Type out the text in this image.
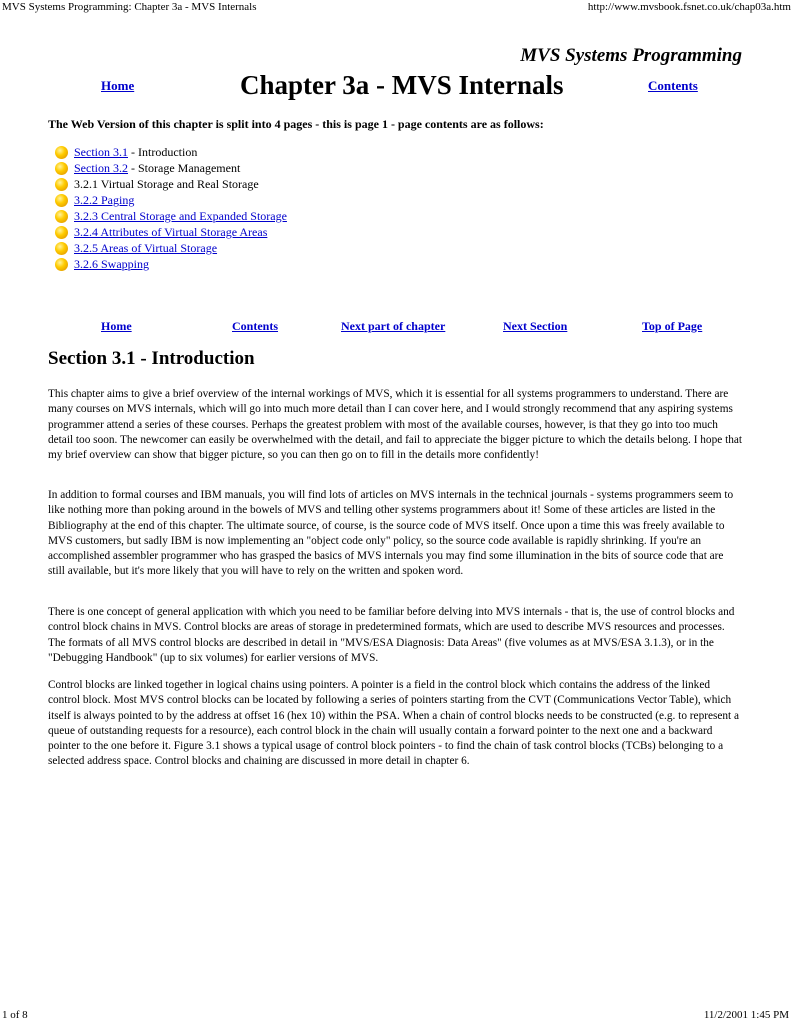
MVS Systems Programming: Chapter 3a - MVS Internals	http://www.mvsbook.fsnet.co.uk/chap03a.htm
MVS Systems Programming
Home	Chapter 3a - MVS Internals	Contents
The Web Version of this chapter is split into 4 pages - this is page 1 - page contents are as follows:
Section 3.1 - Introduction
Section 3.2 - Storage Management
3.2.1 Virtual Storage and Real Storage
3.2.2 Paging
3.2.3 Central Storage and Expanded Storage
3.2.4 Attributes of Virtual Storage Areas
3.2.5 Areas of Virtual Storage
3.2.6 Swapping
Home	Contents	Next part of chapter	Next Section	Top of Page
Section 3.1 - Introduction

This chapter aims to give a brief overview of the internal workings of MVS, which it is essential for all systems programmers to understand. There are many courses on MVS internals, which will go into much more detail than I can cover here, and I would strongly recommend that any aspiring systems programmer attend a series of these courses. Perhaps the greatest problem with most of the available courses, however, is that they go into too much detail too soon. The newcomer can easily be overwhelmed with the detail, and fail to appreciate the bigger picture to which the details belong. I hope that my brief overview can show that bigger picture, so you can then go on to fill in the details more confidently!

In addition to formal courses and IBM manuals, you will find lots of articles on MVS internals in the technical journals - systems programmers seem to like nothing more than poking around in the bowels of MVS and telling other systems programmers about it! Some of these articles are listed in the Bibliography at the end of this chapter. The ultimate source, of course, is the source code of MVS itself. Once upon a time this was freely available to MVS customers, but sadly IBM is now implementing an "object code only" policy, so the source code available is rapidly shrinking. If you're an accomplished assembler programmer who has grasped the basics of MVS internals you may find some illumination in the bits of source code that are still available, but it's more likely that you will have to rely on the written and spoken word.

There is one concept of general application with which you need to be familiar before delving into MVS internals - that is, the use of control blocks and control block chains in MVS. Control blocks are areas of storage in predetermined formats, which are used to describe MVS resources and processes. The formats of all MVS control blocks are described in detail in "MVS/ESA Diagnosis: Data Areas" (five volumes as at MVS/ESA 3.1.3), or in the "Debugging Handbook" (up to six volumes) for earlier versions of MVS.

Control blocks are linked together in logical chains using pointers. A pointer is a field in the control block which contains the address of the linked control block. Most MVS control blocks can be located by following a series of pointers starting from the CVT (Communications Vector Table), which itself is always pointed to by the address at offset 16 (hex 10) within the PSA. When a chain of control blocks needs to be constructed (e.g. to represent a queue of outstanding requests for a resource), each control block in the chain will usually contain a forward pointer to the next one and a backward pointer to the one before it. Figure 3.1 shows a typical usage of control block pointers - to find the chain of task control blocks (TCBs) belonging to a selected address space. Control blocks and chaining are discussed in more detail in chapter 6.

1 of 8	11/2/2001 1:45 PM
